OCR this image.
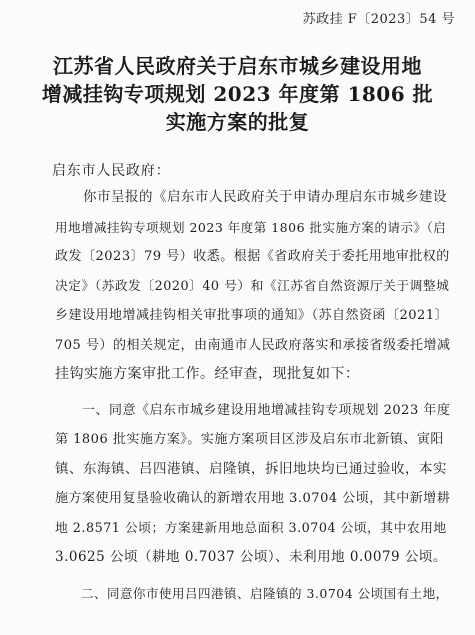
苏政挂 F〔2023〕54 号
江苏省人民政府关于启东市城乡建设用地
增减挂钩专项规划 2023 年度第 1806 批
实施方案的批复
启东市人民政府：
　　你市呈报的《启东市人民政府关于申请办理启东市城乡建设
用地增减挂钩专项规划 2023 年度第 1806 批实施方案的请示》（启
政发〔2023〕79 号）收悉。根据《省政府关于委托用地审批权的
决定》（苏政发〔2020〕40 号）和《江苏省自然资源厅关于调整城
乡建设用地增减挂钩相关审批事项的通知》（苏自然资函〔2021〕
705 号）的相关规定，由南通市人民政府落实和承接省级委托增减
挂钩实施方案审批工作。经审查，现批复如下：
　　一、同意《启东市城乡建设用地增减挂钩专项规划 2023 年度
第 1806 批实施方案》。实施方案项目区涉及启东市北新镇、寅阳
镇、东海镇、吕四港镇、启隆镇，拆旧地块均已通过验收，本实
施方案使用复垦验收确认的新增农用地 3.0704 公顷，其中新增耕
地 2.8571 公顷；方案建新用地总面积 3.0704 公顷，其中农用地
3.0625 公顷（耕地 0.7037 公顷）、未利用地 0.0079 公顷。
　　二、同意你市使用吕四港镇、启隆镇的 3.0704 公顷国有土地，
